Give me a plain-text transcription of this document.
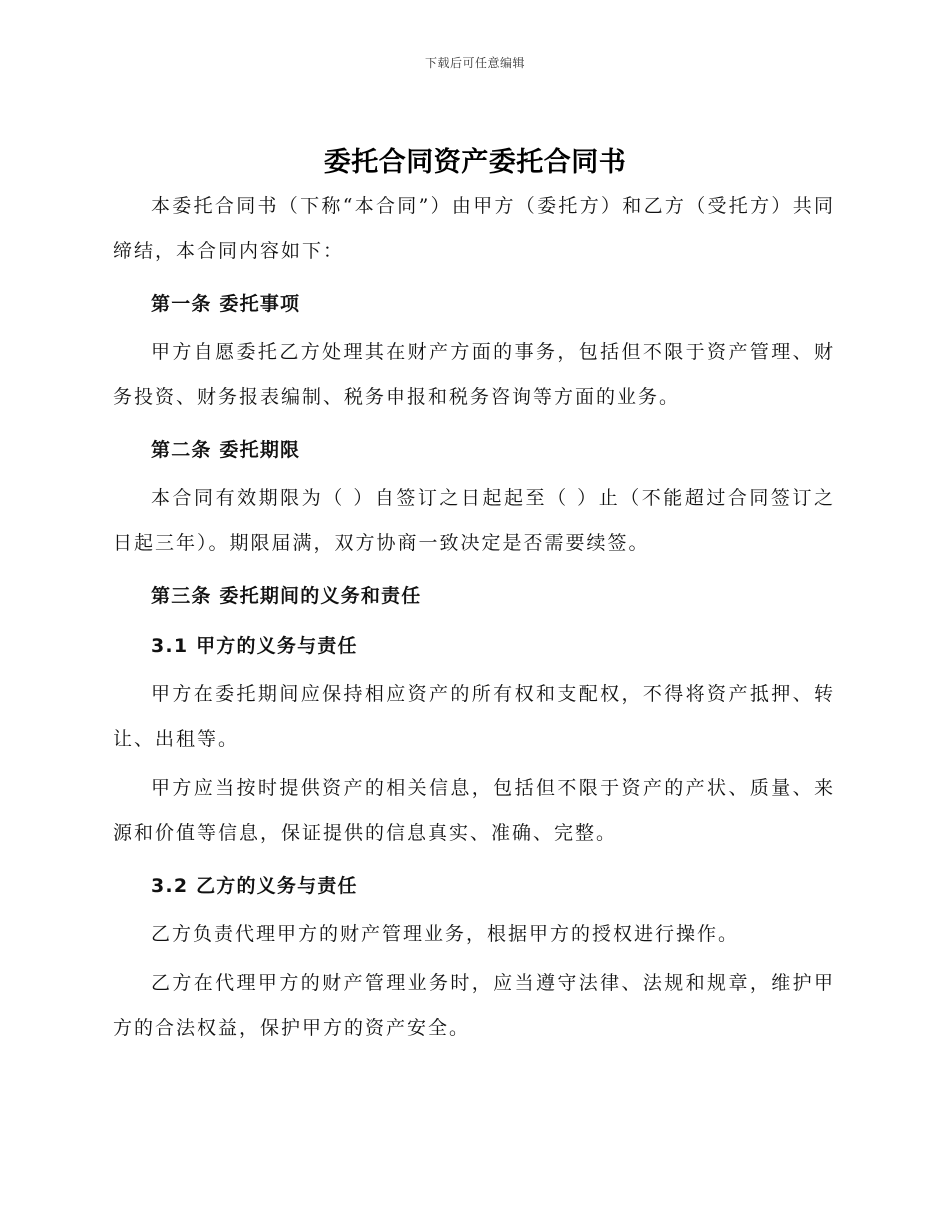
下载后可任意编辑
委托合同资产委托合同书

本委托合同书（下称“本合同”）由甲方（委托方）和乙方（受托方）共同缔结，本合同内容如下：

第一条 委托事项

甲方自愿委托乙方处理其在财产方面的事务，包括但不限于资产管理、财务投资、财务报表编制、税务申报和税务咨询等方面的业务。

第二条 委托期限

本合同有效期限为（ ）自签订之日起起至（ ）止（不能超过合同签订之日起三年）。期限届满，双方协商一致决定是否需要续签。

第三条 委托期间的义务和责任
3.1 甲方的义务与责任

甲方在委托期间应保持相应资产的所有权和支配权，不得将资产抵押、转让、出租等。

甲方应当按时提供资产的相关信息，包括但不限于资产的产状、质量、来源和价值等信息，保证提供的信息真实、准确、完整。

3.2 乙方的义务与责任

乙方负责代理甲方的财产管理业务，根据甲方的授权进行操作。

乙方在代理甲方的财产管理业务时，应当遵守法律、法规和规章，维护甲方的合法权益，保护甲方的资产安全。
